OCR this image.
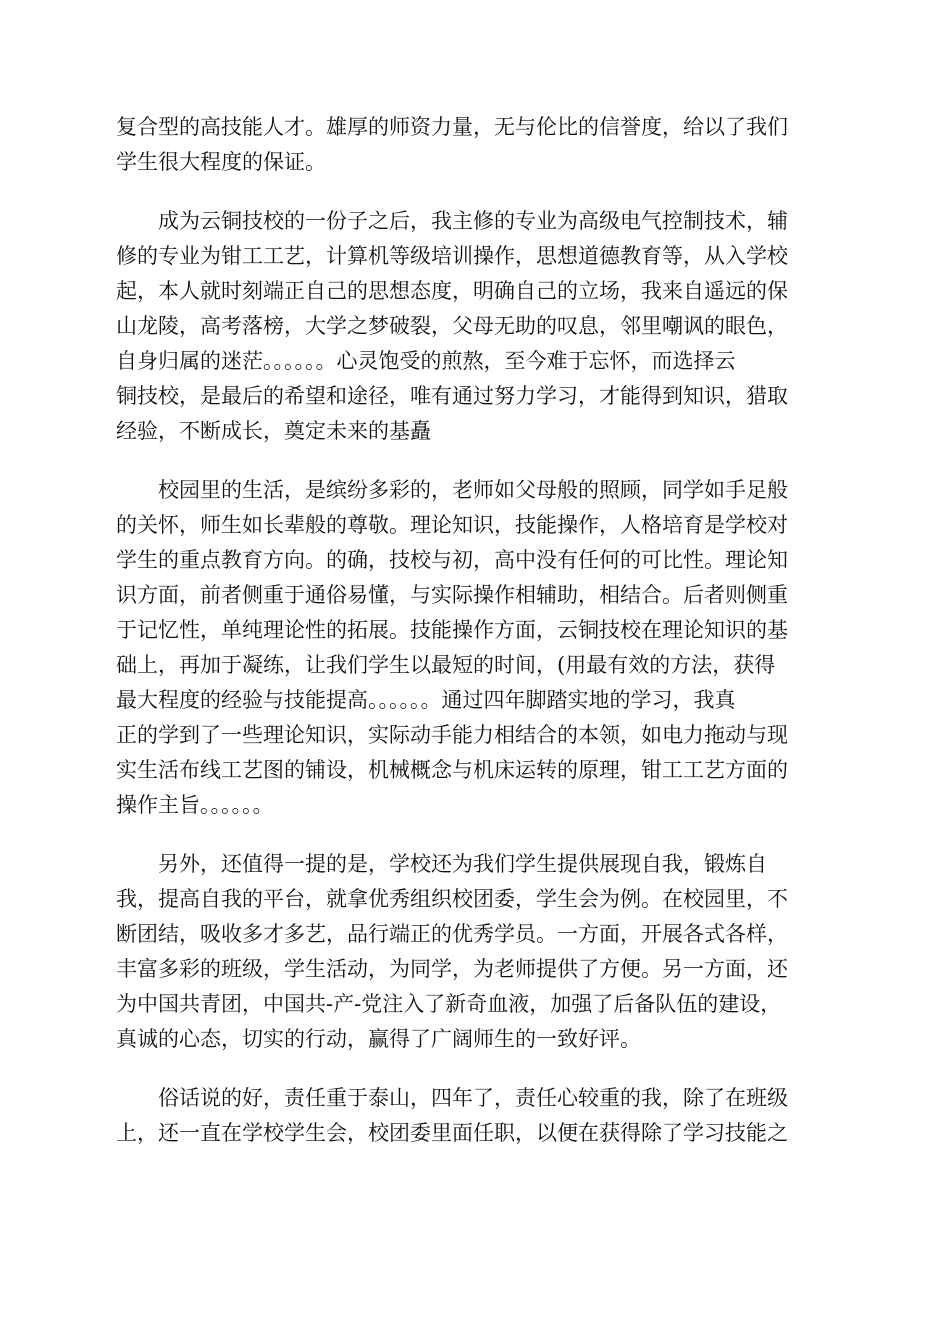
复合型的高技能人才。雄厚的师资力量，无与伦比的信誉度，给以了我们
学生很大程度的保证。
　　成为云铜技校的一份子之后，我主修的专业为高级电气控制技术，辅
修的专业为钳工工艺，计算机等级培训操作，思想道德教育等，从入学校
起，本人就时刻端正自己的思想态度，明确自己的立场，我来自遥远的保
山龙陵，高考落榜，大学之梦破裂，父母无助的叹息，邻里嘲讽的眼色，
自身归属的迷茫。。。。。。心灵饱受的煎熬，至今难于忘怀，而选择云
铜技校，是最后的希望和途径，唯有通过努力学习，才能得到知识，猎取
经验，不断成长，奠定未来的基矗
　　校园里的生活，是缤纷多彩的，老师如父母般的照顾，同学如手足般
的关怀，师生如长辈般的尊敬。理论知识，技能操作，人格培育是学校对
学生的重点教育方向。的确，技校与初，高中没有任何的可比性。理论知
识方面，前者侧重于通俗易懂，与实际操作相辅助，相结合。后者则侧重
于记忆性，单纯理论性的拓展。技能操作方面，云铜技校在理论知识的基
础上，再加于凝练，让我们学生以最短的时间，(用最有效的方法，获得
最大程度的经验与技能提高。。。。。。通过四年脚踏实地的学习，我真
正的学到了一些理论知识，实际动手能力相结合的本领，如电力拖动与现
实生活布线工艺图的铺设，机械概念与机床运转的原理，钳工工艺方面的
操作主旨。。。。。。
　　另外，还值得一提的是，学校还为我们学生提供展现自我，锻炼自
我，提高自我的平台，就拿优秀组织校团委，学生会为例。在校园里，不
断团结，吸收多才多艺，品行端正的优秀学员。一方面，开展各式各样，
丰富多彩的班级，学生活动，为同学，为老师提供了方便。另一方面，还
为中国共青团，中国共-产-党注入了新奇血液，加强了后备队伍的建设，
真诚的心态，切实的行动，赢得了广阔师生的一致好评。
　　俗话说的好，责任重于泰山，四年了，责任心较重的我，除了在班级
上，还一直在学校学生会，校团委里面任职，以便在获得除了学习技能之
